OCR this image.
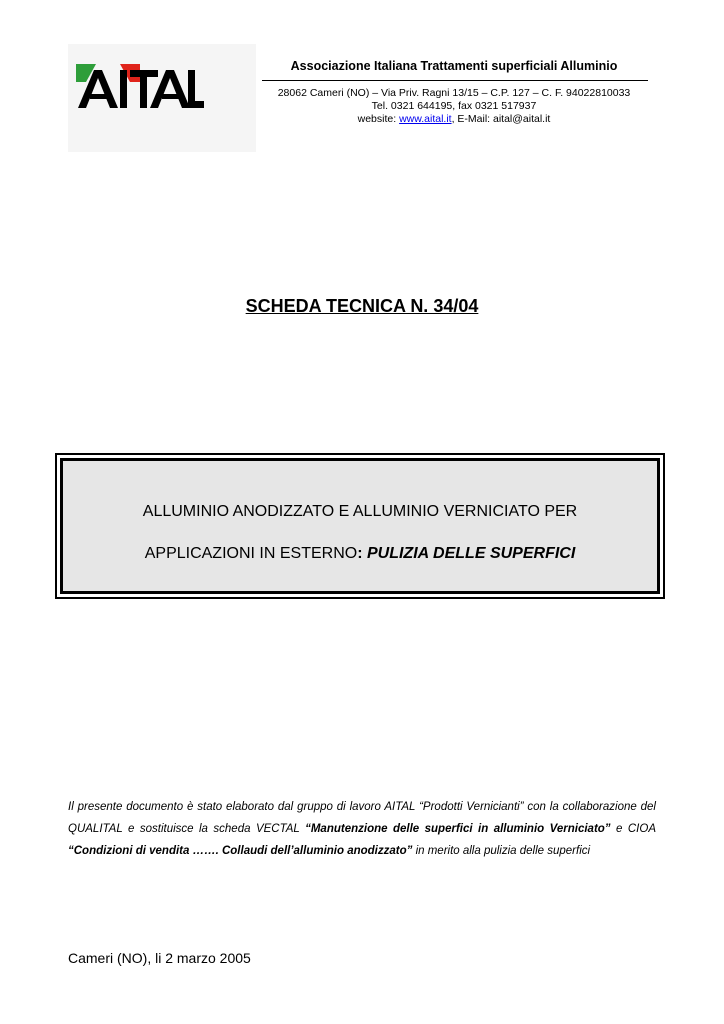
Associazione Italiana Trattamenti superficiali Alluminio
28062 Cameri (NO) – Via Priv. Ragni 13/15 – C.P. 127 – C. F. 94022810033
Tel. 0321 644195, fax 0321 517937
website: www.aital.it, E-Mail: aital@aital.it
SCHEDA TECNICA N. 34/04
ALLUMINIO ANODIZZATO E ALLUMINIO VERNICIATO PER
APPLICAZIONI IN ESTERNO: PULIZIA DELLE SUPERFICI
Il presente documento è stato elaborato dal gruppo di lavoro AITAL “Prodotti Vernicianti” con la collaborazione del QUALITAL e sostituisce la scheda VECTAL “Manutenzione delle superfici in alluminio Verniciato” e CIOA “Condizioni di vendita ……. Collaudi dell’alluminio anodizzato” in merito alla pulizia delle superfici
Cameri (NO), li 2 marzo 2005
